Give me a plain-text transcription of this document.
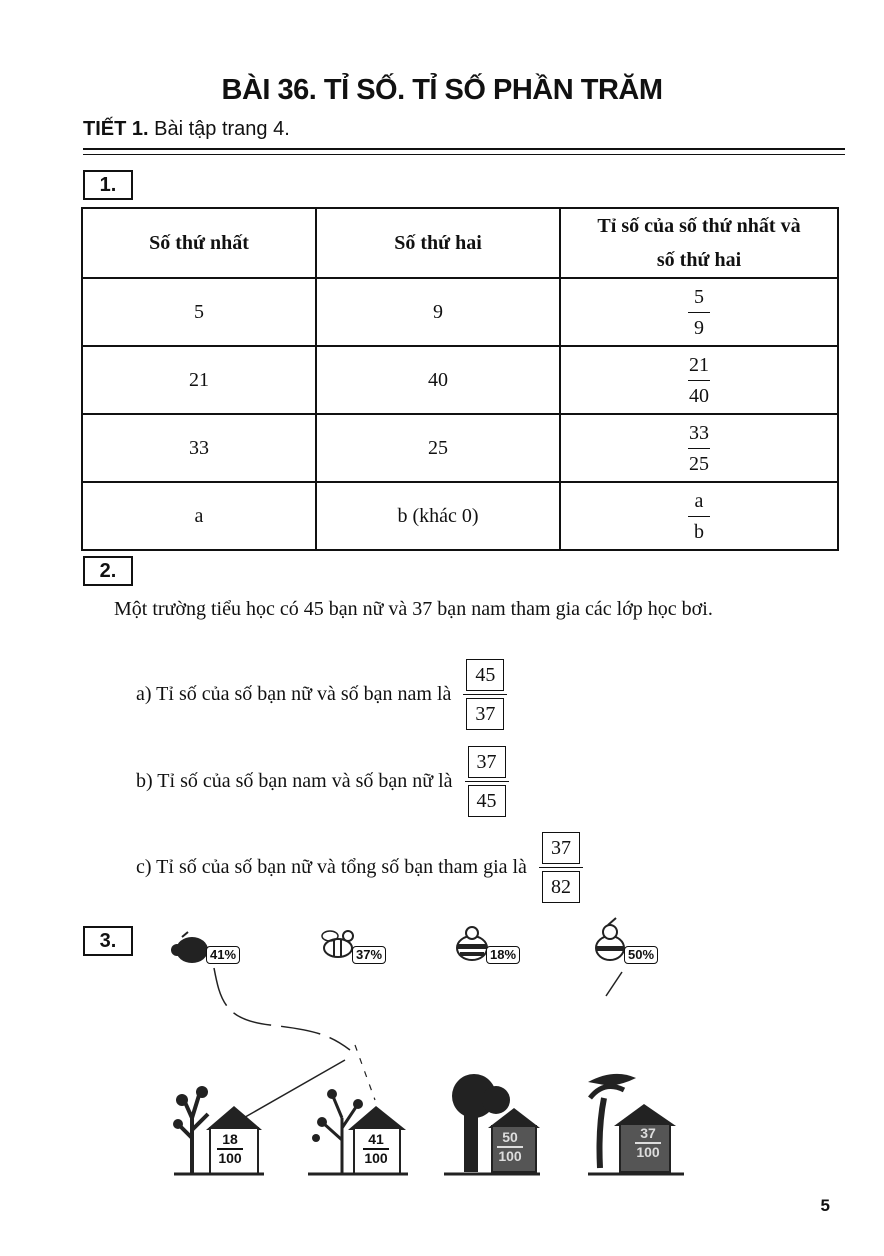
BÀI 36. TỈ SỐ. TỈ SỐ PHẦN TRĂM
TIẾT 1. Bài tập trang 4.
1.
Số thứ nhất	Số thứ hai	Tỉ số của số thứ nhất và số thứ hai

5	9	$\frac{5}{9}$

21	40	$\frac{21}{40}$

33	25	$\frac{33}{25}$

a	b (khác 0)	$\frac{a}{b}$
2.
Một trường tiểu học có 45 bạn nữ và 37 bạn nam tham gia các lớp học bơi.
a) Tỉ số của số bạn nữ và số bạn nam là $\frac{45}{37}$
b) Tỉ số của số bạn nam và số bạn nữ là $\frac{37}{45}$
c) Tỉ số của số bạn nữ và tổng số bạn tham gia là $\frac{37}{82}$
3.
41%	37%	18%	50%
18
100
41
100
50
100
37
100
5
